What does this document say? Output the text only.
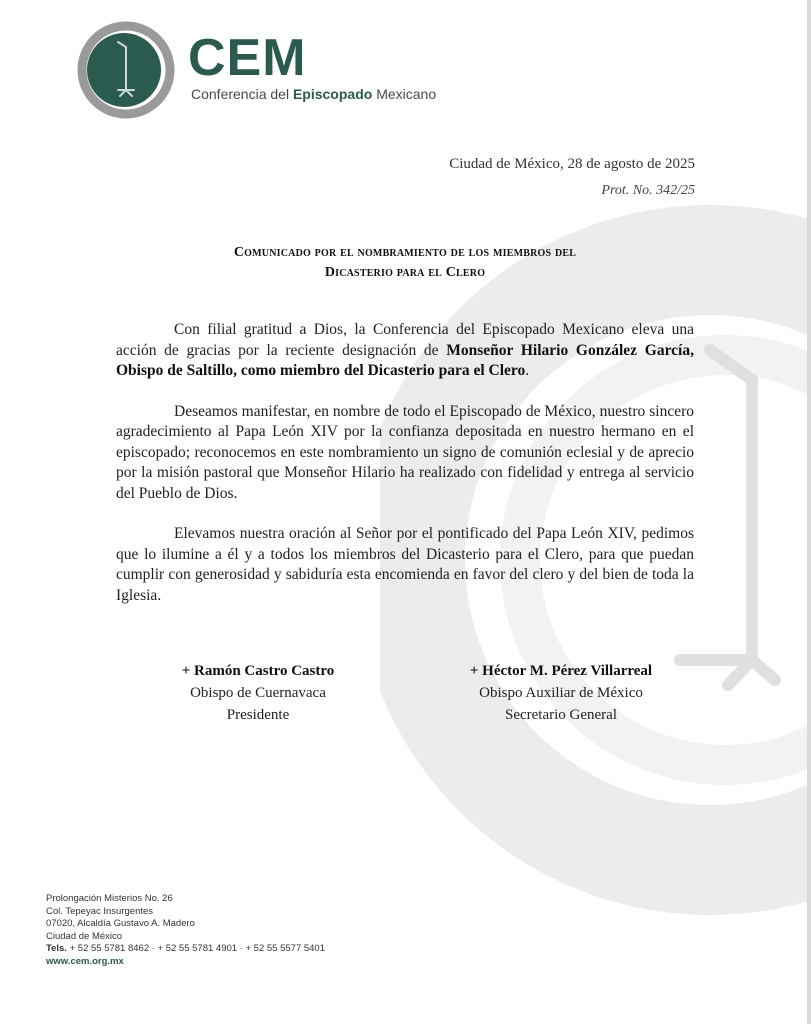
CEM
Conferencia del Episcopado Mexicano
Ciudad de México, 28 de agosto de 2025
Prot. No. 342/25
Comunicado por el nombramiento de los miembros del
Dicasterio para el Clero

Con filial gratitud a Dios, la Conferencia del Episcopado Mexicano eleva una acción de gracias por la reciente designación de Monseñor Hilario González García, Obispo de Saltillo, como miembro del Dicasterio para el Clero.

Deseamos manifestar, en nombre de todo el Episcopado de México, nuestro sincero agradecimiento al Papa León XIV por la confianza depositada en nuestro hermano en el episcopado; reconocemos en este nombramiento un signo de comunión eclesial y de aprecio por la misión pastoral que Monseñor Hilario ha realizado con fidelidad y entrega al servicio del Pueblo de Dios.

Elevamos nuestra oración al Señor por el pontificado del Papa León XIV, pedimos que lo ilumine a él y a todos los miembros del Dicasterio para el Clero, para que puedan cumplir con generosidad y sabiduría esta encomienda en favor del clero y del bien de toda la Iglesia.

+ Ramón Castro Castro
Obispo de Cuernavaca
Presidente
+ Héctor M. Pérez Villarreal
Obispo Auxiliar de México
Secretario General
Prolongación Misterios No. 26
Col. Tepeyac Insurgentes
07020, Alcaldía Gustavo A. Madero
Ciudad de México
Tels. + 52 55 5781 8462 · + 52 55 5781 4901 · + 52 55 5577 5401
www.cem.org.mx
